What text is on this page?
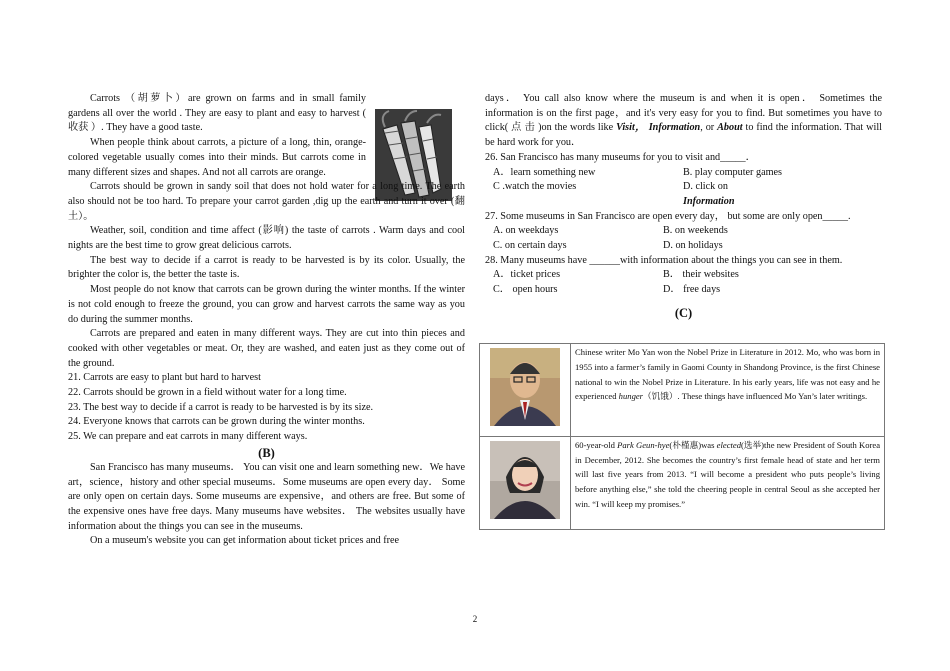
Carrots （胡萝卜）are grown on farms and in small family gardens all over the world . They are easy to plant and easy to harvest ( 收获 ）. They have a good taste.

When people think about carrots, a picture of a long, thin, orange-colored vegetable usually comes into their minds. But carrots come in many different sizes and shapes. And not all carrots are orange.

Carrots should be grown in sandy soil that does not hold water for a long time. The earth also should not be too hard. To prepare your carrot garden ,dig up the earth and turn it over (翻土）。

Weather, soil, condition and time affect (影响) the taste of carrots . Warm days and cool nights are the best time to grow great delicious carrots.

The best way to decide if a carrot is ready to be harvested is by its color. Usually, the brighter the color is, the better the taste is.

Most people do not know that carrots can be grown during the winter months. If the winter is not cold enough to freeze the ground, you can grow and harvest carrots the same way as you do during the summer months.

Carrots are prepared and eaten in many different ways. They are cut into thin pieces and cooked with other vegetables or meat. Or, they are washed, and eaten just as they come out of the ground.

21. Carrots are easy to plant but hard to harvest

22. Carrots should be grown in a field without water for a long time.

23. The best way to decide if a carrot is ready to be harvested is by its size.

24. Everyone knows that carrots can be grown during the winter months.

25. We can prepare and eat carrots in many different ways.

(B)

San Francisco has many museums． You can visit one and learn something new．We have art，science，history and other special museums．Some museums are open every day． Some are only open on certain days. Some museums are expensive，and others are free. But some of the expensive ones have free days. Many museums have websites． The websites usually have information about the things you can see in the museums.

On a museum's website you can get information about ticket prices and free

days． You call also know where the museum is and when it is open． Sometimes the information is on the first page，and it's very easy for you to find. But sometimes you have to click( 点 击 )on the words like Visit， Information, or About to find the information. That will be hard work for you．

26. San Francisco has many museums for you to visit and_____．

A．learn something new	B. play computer games
C .watch the movies	D. click on
Information

27. Some museums in San Francisco are open every day， but some are only open_____.

A. on weekdays	B. on weekends
C. on certain days	D. on holidays

28. Many museums have ______with information about the things you can see in them.

A．ticket prices	B． their websites
C． open hours	D． free days

(C)

	Chinese writer Mo Yan won the Nobel Prize in Literature in 2012. Mo, who was born in 1955 into a farmer’s family in Gaomi County in Shandong Province, is the first Chinese national to win the Nobel Prize in Literature. In his early years, life was not easy and he experienced hunger（饥饿）. These things have influenced Mo Yan’s later writings.
	60-year-old Park Geun-hye(朴槿惠)was elected(选举)the new President of South Korea in December, 2012. She becomes the country’s first female head of state and her term will last five years from 2013. “I will become a president who puts people’s living before anything else,” she told the cheering people in central Seoul as she accepted her win. “I will keep my promises.”
2
